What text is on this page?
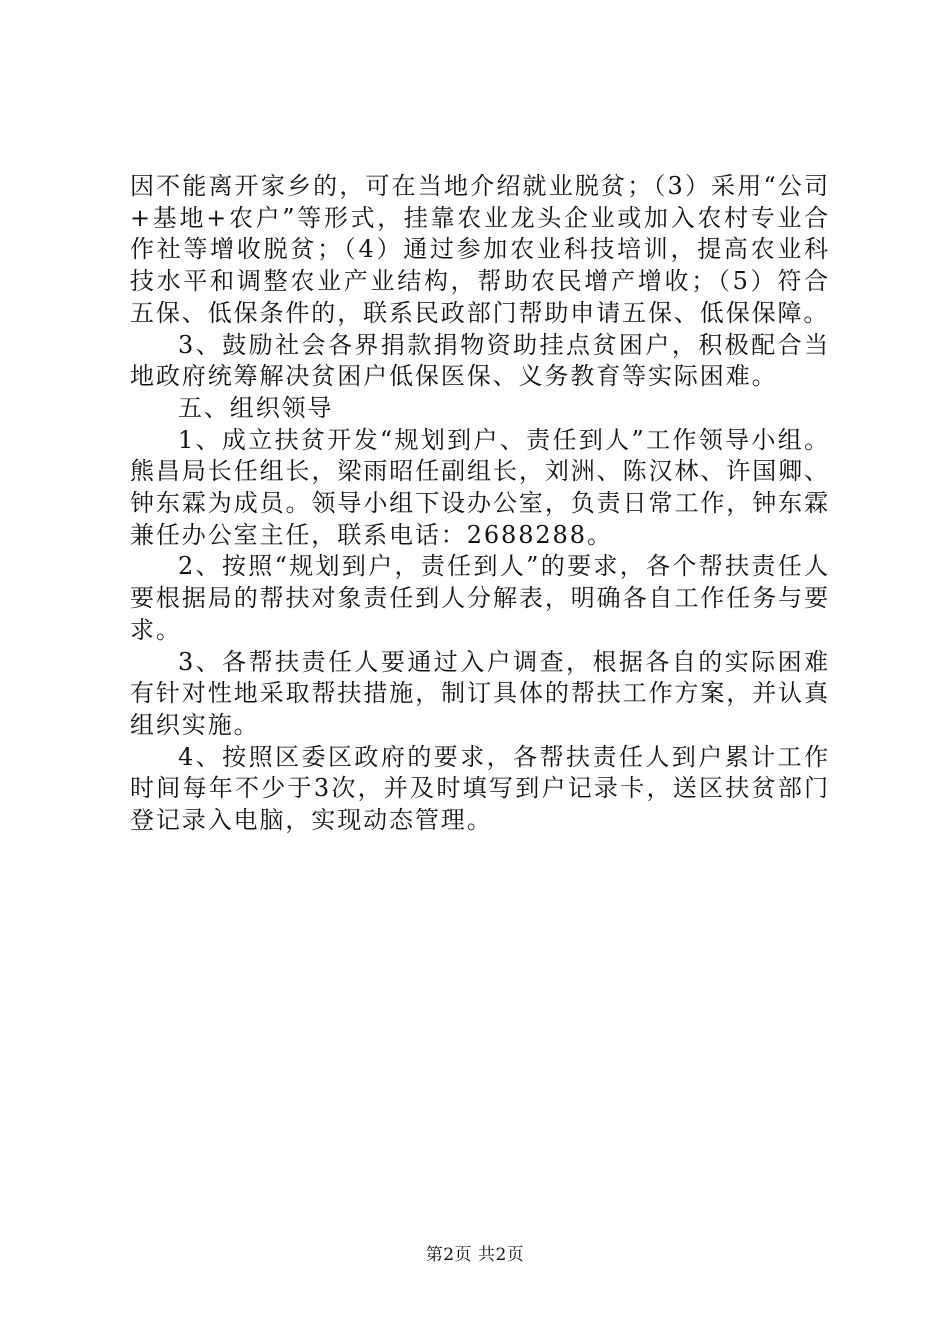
因不能离开家乡的，可在当地介绍就业脱贫；（3）采用“公司+基地+农户”等形式，挂靠农业龙头企业或加入农村专业合作社等增收脱贫；（4）通过参加农业科技培训，提高农业科技水平和调整农业产业结构，帮助农民增产增收；（5）符合五保、低保条件的，联系民政部门帮助申请五保、低保保障。

3、鼓励社会各界捐款捐物资助挂点贫困户，积极配合当地政府统筹解决贫困户低保医保、义务教育等实际困难。

五、组织领导

1、成立扶贫开发“规划到户、责任到人”工作领导小组。熊昌局长任组长，梁雨昭任副组长，刘洲、陈汉林、许国卿、钟东霖为成员。领导小组下设办公室，负责日常工作，钟东霖兼任办公室主任，联系电话：2688288。

2、按照“规划到户，责任到人”的要求，各个帮扶责任人要根据局的帮扶对象责任到人分解表，明确各自工作任务与要求。

3、各帮扶责任人要通过入户调查，根据各自的实际困难有针对性地采取帮扶措施，制订具体的帮扶工作方案，并认真组织实施。

4、按照区委区政府的要求，各帮扶责任人到户累计工作时间每年不少于3次，并及时填写到户记录卡，送区扶贫部门登记录入电脑，实现动态管理。

第2页 共2页
